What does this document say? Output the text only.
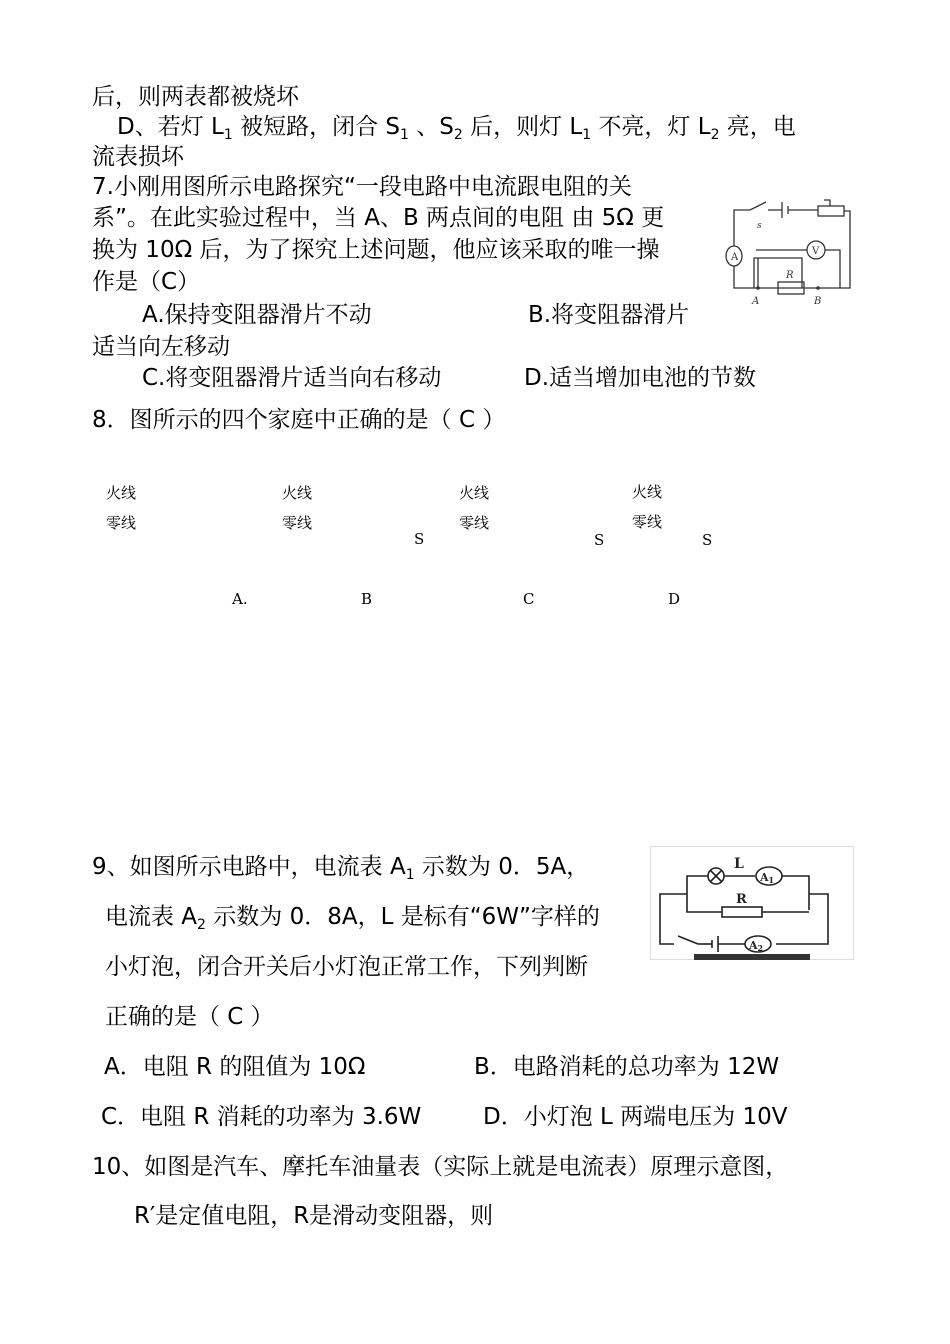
后，则两表都被烧坏
D、若灯 $L_1$ 被短路，闭合 $S_1$ 、$S_2$ 后，则灯 $L_1$ 不亮，灯 $L_2$ 亮，电
流表损坏
7.小刚用图所示电路探究“一段电路中电流跟电阻的关
系”。在此实验过程中，当 A、B 两点间的电阻 由 5Ω 更
换为 10Ω 后，为了探究上述问题，他应该采取的唯一操
作是（C）
A.保持变阻器滑片不动	B.将变阻器滑片
适当向左移动
C.将变阻器滑片适当向右移动	D.适当增加电池的节数
s
A
V
R
A	B
8．图所示的四个家庭中正确的是（ C ）
火线	火线	火线	火线
零线	零线	零线	零线
S	S	S
A.	B	C	D
9、如图所示电路中，电流表 $A_1$ 示数为 0．5A，
电流表 $A_2$ 示数为 0．8A，L 是标有“6W”字样的
小灯泡，闭合开关后小灯泡正常工作，下列判断
正确的是（ C ）
A．电阻 R 的阻值为 10Ω	B．电路消耗的总功率为 12W
C．电阻 R 消耗的功率为 3.6W	D．小灯泡 L 两端电压为 10V
L
A1
R
A2
10、如图是汽车、摩托车油量表（实际上就是电流表）原理示意图，
R′是定值电阻，R是滑动变阻器，则
